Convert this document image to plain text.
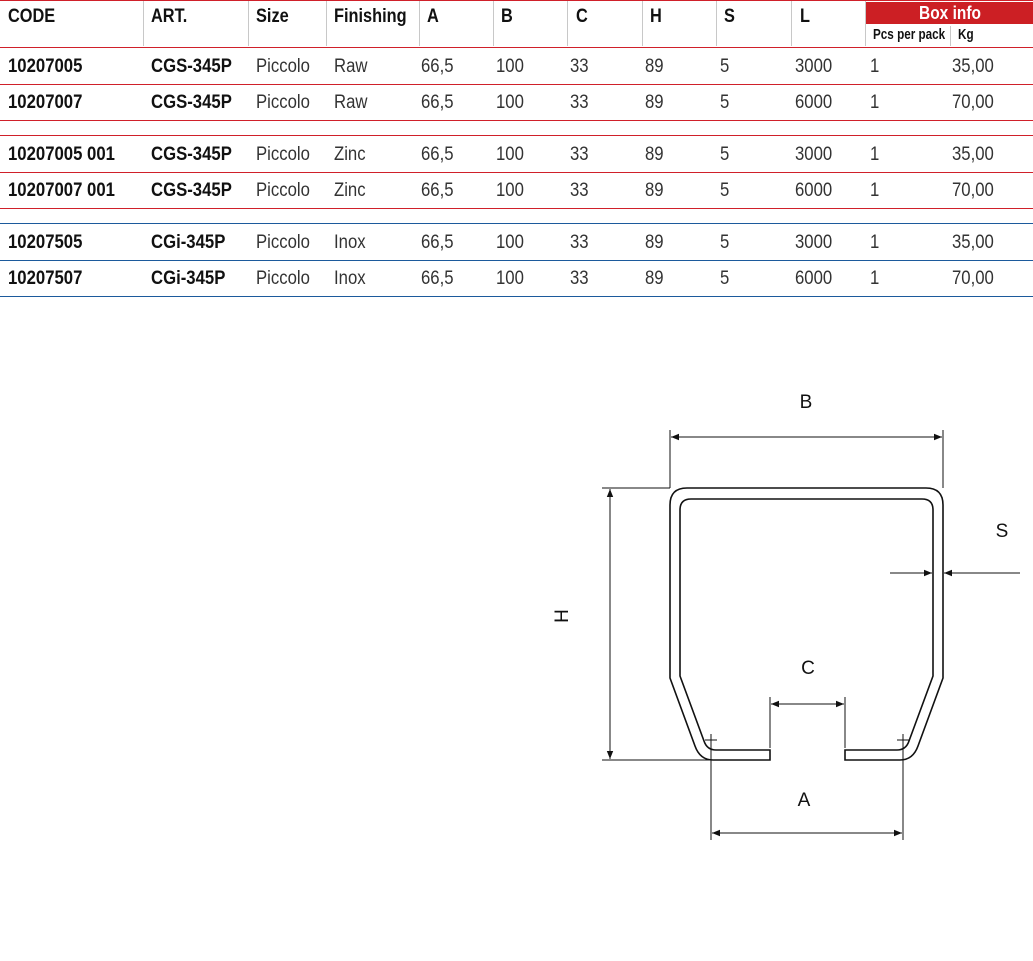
CODE	ART.	Size Finishing A	B	C	H	S	L	Box info
Pcs per pack Kg
10207005	CGS-345P Piccolo Raw	66,5 100 33	89	5	3000 1	35,00
10207007	CGS-345P Piccolo Raw	66,5 100 33	89	5	6000 1	70,00
10207005 001 CGS-345P Piccolo Zinc	66,5 100 33	89	5	3000 1	35,00
10207007 001 CGS-345P Piccolo Zinc	66,5 100 33	89	5	6000 1	70,00
10207505	CGi-345P Piccolo Inox	66,5 100 33	89	5	3000 1	35,00
10207507	CGi-345P Piccolo Inox	66,5 100 33	89	5	6000 1	70,00
B
H
S
C
A
